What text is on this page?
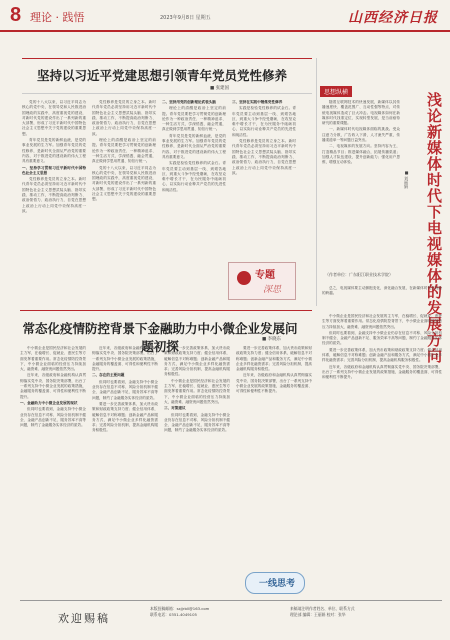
8 理论 · 践悟	2023年9月8日 星期五	山西经济日报
坚持以习近平党建思想引领青年党员党性修养
■ 张建国

党的十八大以来，以习近平同志为核心的党中央，在领导党和人民推进治国理政的实践中，高度重视党的建设，对新时代党的建设作出了一系列新的重大部署，形成了习近平新时代中国特色社会主义思想中关于党的建设的重要思想。

青年党员是党的新鲜血液，是党的事业发展的生力军。加强青年党员的党性修养，是新时代全面从严治党的重要内容，对于推进党的建设新的伟大工程具有重要意义。

一、坚持学习贯彻习近平新时代中国特色社会主义思想

党性修养是党员的立身之本。新时代青年党员必须坚持用习近平新时代中国特色社会主义思想武装头脑、指导实践、推动工作，不断提高政治判断力、政治领悟力、政治执行力，自觉在思想上政治上行动上同党中央保持高度一致。

党性修养是党员的立身之本。新时代青年党员必须坚持用习近平新时代中国特色社会主义思想武装头脑、指导实践、推动工作，不断提高政治判断力、政治领悟力、政治执行力，自觉在思想上政治上行动上同党中央保持高度一致。

理论上的清醒是政治上坚定的前提。青年党员要把学习贯彻党的创新理论作为一种政治责任、一种精神追求、一种生活方式，学深悟透、融会贯通，真正做到学思用贯通、知信行统一。

党的十八大以来，以习近平同志为核心的党中央，在领导党和人民推进治国理政的实践中，高度重视党的建设，对新时代党的建设作出了一系列新的重大部署，形成了习近平新时代中国特色社会主义思想中关于党的建设的重要思想。

二、坚持用党的创新理论武装头脑

理论上的清醒是政治上坚定的前提。青年党员要把学习贯彻党的创新理论作为一种政治责任、一种精神追求、一种生活方式，学深悟透、融会贯通，真正做到学思用贯通、知信行统一。

青年党员是党的新鲜血液，是党的事业发展的生力军。加强青年党员的党性修养，是新时代全面从严治党的重要内容，对于推进党的建设新的伟大工程具有重要意义。

实践是检验党性修养的试金石。青年党员要主动到基层一线、到艰苦地区、到重大斗争中经受磨砺，在攻坚克难中增长才干，在为民服务中砥砺初心，以实际行动诠释共产党员的先进性和纯洁性。

三、坚持在实践中锤炼党性修养

实践是检验党性修养的试金石。青年党员要主动到基层一线、到艰苦地区、到重大斗争中经受磨砺，在攻坚克难中增长才干，在为民服务中砥砺初心，以实际行动诠释共产党员的先进性和纯洁性。

党性修养是党员的立身之本。新时代青年党员必须坚持用习近平新时代中国特色社会主义思想武装头脑、指导实践、推动工作，不断提高政治判断力、政治领悟力、政治执行力，自觉在思想上政治上行动上同党中央保持高度一致。

专题
深思
思想纵横	浅论新媒体时代下电视媒体的发展方向
■ 刘丽娟

随着互联网技术的快速发展，新媒体以其传播速度快、覆盖范围广、互动性强等特点，对传统电视媒体造成了巨大冲击。电视媒体如何在新媒体时代找准定位、实现转型发展，是当前亟待研究的重要课题。

一、新媒体时代电视媒体面临的挑战。受众注意力分散，广告收入下滑，人才流失严重，传播渠道单一等问题日益突出。

二、电视媒体的发展方向。坚持内容为王，打造精品节目；推进媒体融合，拓展传播渠道；加强人才队伍建设，提升创新能力；强化用户思维，增强互动体验。

（作者单位：广东阳江职业技术学院）

总之，电视媒体要主动拥抱变化，深化融合发展，在新媒体时代实现新的跨越。

常态化疫情防控背景下金融助力中小微企业发展问题初探	■ 李晓东

中小微企业是国民经济和社会发展的主力军，在稳增长、促就业、惠民生等方面发挥着重要作用。常态化疫情防控背景下，中小微企业面临的经营压力持续加大，融资难、融资贵问题依然突出。

近年来，各级政府和金融机构认真贯彻落实党中央、国务院决策部署，出台了一系列支持中小微企业发展的政策措施，金融服务的覆盖面、可得性和便利性不断提升。

一、金融助力中小微企业发展的现状

但同时也要看到，金融支持中小微企业仍存在信息不对称、风险分担机制不健全、金融产品创新不足、服务效率不高等问题，制约了金融服务实体经济的质效。

近年来，各级政府和金融机构认真贯彻落实党中央、国务院决策部署，出台了一系列支持中小微企业发展的政策措施，金融服务的覆盖面、可得性和便利性不断提升。

二、存在的主要问题

但同时也要看到，金融支持中小微企业仍存在信息不对称、风险分担机制不健全、金融产品创新不足、服务效率不高等问题，制约了金融服务实体经济的质效。

要进一步完善政策体系，加大货币政策和财政政策支持力度；健全信用体系，破解信息不对称难题；创新金融产品和服务方式，满足中小微企业多样化融资需求；完善风险分担机制，提高金融机构服务积极性。

要进一步完善政策体系，加大货币政策和财政政策支持力度；健全信用体系，破解信息不对称难题；创新金融产品和服务方式，满足中小微企业多样化融资需求；完善风险分担机制，提高金融机构服务积极性。

中小微企业是国民经济和社会发展的主力军，在稳增长、促就业、惠民生等方面发挥着重要作用。常态化疫情防控背景下，中小微企业面临的经营压力持续加大，融资难、融资贵问题依然突出。

三、对策建议

但同时也要看到，金融支持中小微企业仍存在信息不对称、风险分担机制不健全、金融产品创新不足、服务效率不高等问题，制约了金融服务实体经济的质效。

要进一步完善政策体系，加大货币政策和财政政策支持力度；健全信用体系，破解信息不对称难题；创新金融产品和服务方式，满足中小微企业多样化融资需求；完善风险分担机制，提高金融机构服务积极性。

近年来，各级政府和金融机构认真贯彻落实党中央、国务院决策部署，出台了一系列支持中小微企业发展的政策措施，金融服务的覆盖面、可得性和便利性不断提升。

中小微企业是国民经济和社会发展的主力军，在稳增长、促就业、惠民生等方面发挥着重要作用。常态化疫情防控背景下，中小微企业面临的经营压力持续加大，融资难、融资贵问题依然突出。

但同时也要看到，金融支持中小微企业仍存在信息不对称、风险分担机制不健全、金融产品创新不足、服务效率不高等问题，制约了金融服务实体经济的质效。

要进一步完善政策体系，加大货币政策和财政政策支持力度；健全信用体系，破解信息不对称难题；创新金融产品和服务方式，满足中小微企业多样化融资需求；完善风险分担机制，提高金融机构服务积极性。

近年来，各级政府和金融机构认真贯彻落实党中央、国务院决策部署，出台了一系列支持中小微企业发展的政策措施，金融服务的覆盖面、可得性和便利性不断提升。

一线思考
欢迎赐稿
本版投稿邮箱：sxjjrbll@163.com
联系电话：0351-4049105
来稿请注明作者姓名、单位、联系方式
理论部 编辑：王丽娟 校对：张华
